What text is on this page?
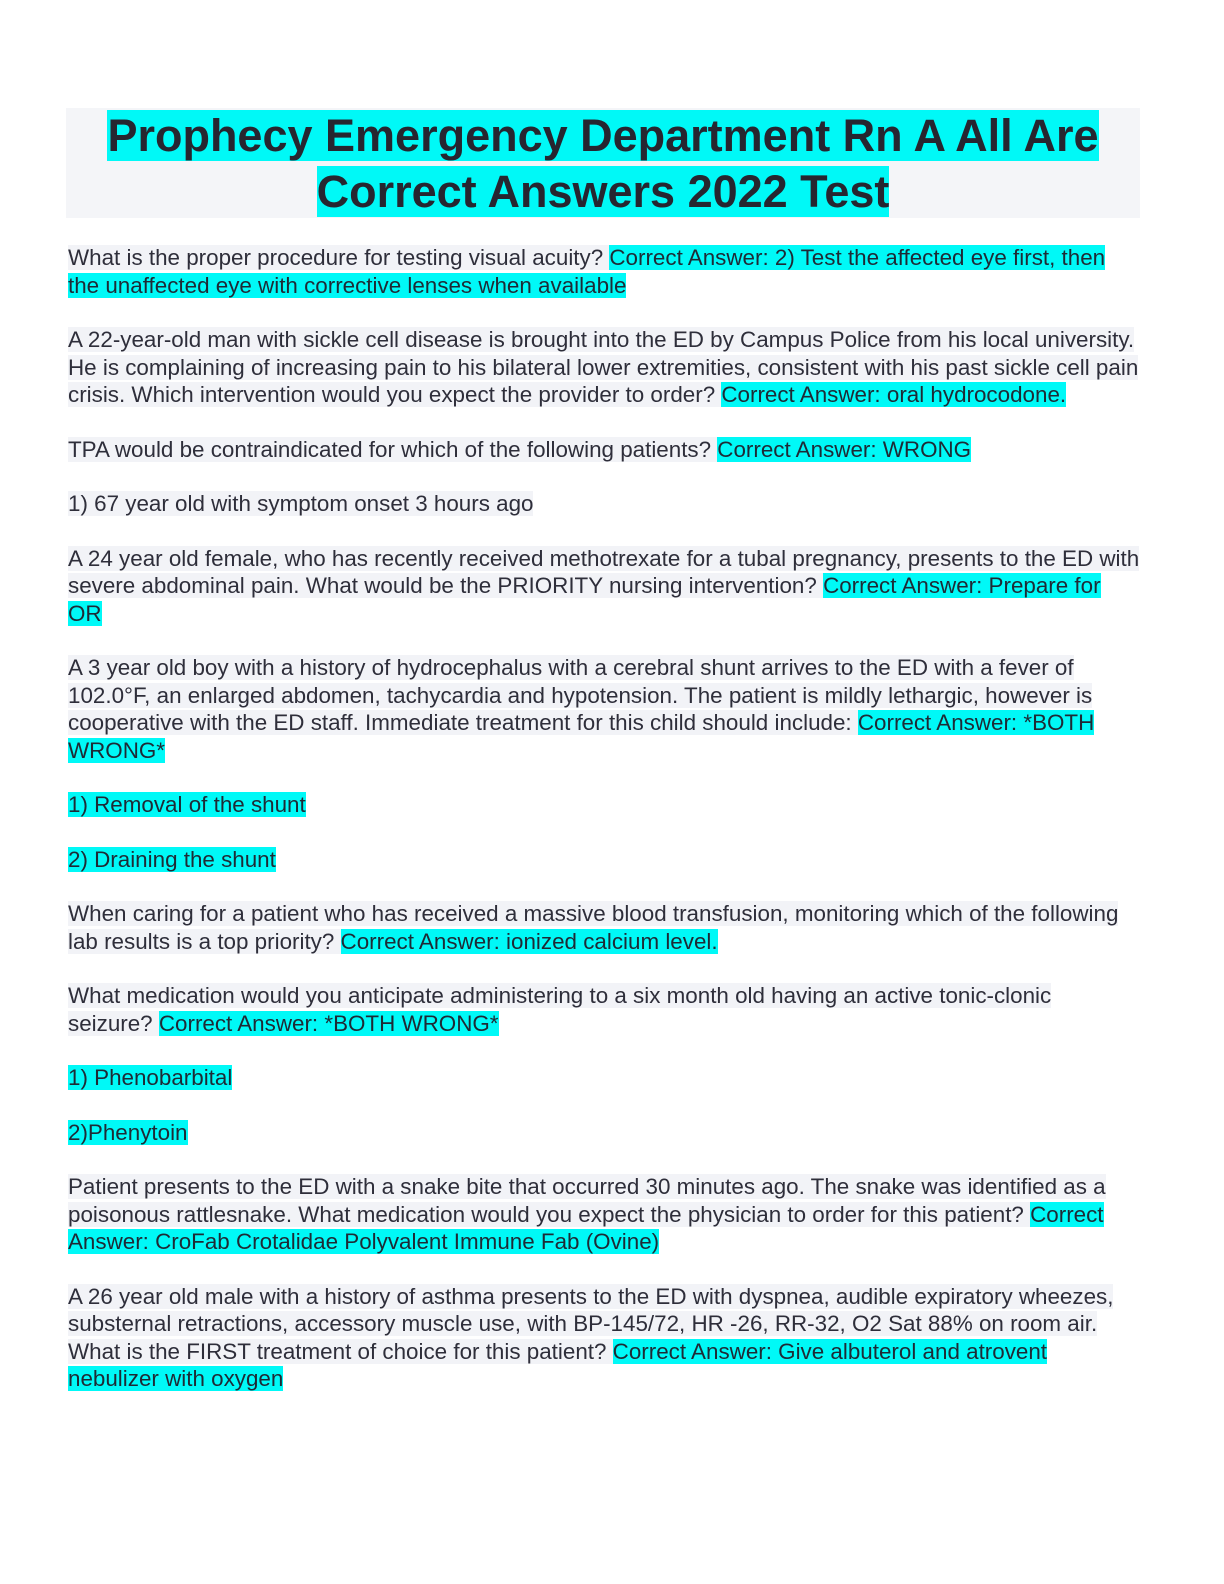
Prophecy Emergency Department Rn A All Are
Correct Answers 2022 Test

What is the proper procedure for testing visual acuity? Correct Answer: 2) Test the affected eye first, then the unaffected eye with corrective lenses when available

A 22-year-old man with sickle cell disease is brought into the ED by Campus Police from his local university. He is complaining of increasing pain to his bilateral lower extremities, consistent with his past sickle cell pain crisis. Which intervention would you expect the provider to order? Correct Answer: oral hydrocodone.

TPA would be contraindicated for which of the following patients? Correct Answer: WRONG

1) 67 year old with symptom onset 3 hours ago

A 24 year old female, who has recently received methotrexate for a tubal pregnancy, presents to the ED with severe abdominal pain. What would be the PRIORITY nursing intervention? Correct Answer: Prepare for OR

A 3 year old boy with a history of hydrocephalus with a cerebral shunt arrives to the ED with a fever of 102.0°F, an enlarged abdomen, tachycardia and hypotension. The patient is mildly lethargic, however is cooperative with the ED staff. Immediate treatment for this child should include: Correct Answer: *BOTH WRONG*

1) Removal of the shunt

2) Draining the shunt

When caring for a patient who has received a massive blood transfusion, monitoring which of the following lab results is a top priority? Correct Answer: ionized calcium level.

What medication would you anticipate administering to a six month old having an active tonic-clonic seizure? Correct Answer: *BOTH WRONG*

1) Phenobarbital

2)Phenytoin

Patient presents to the ED with a snake bite that occurred 30 minutes ago. The snake was identified as a poisonous rattlesnake. What medication would you expect the physician to order for this patient? Correct Answer: CroFab Crotalidae Polyvalent Immune Fab (Ovine)

A 26 year old male with a history of asthma presents to the ED with dyspnea, audible expiratory wheezes, substernal retractions, accessory muscle use, with BP-145/72, HR -26, RR-32, O2 Sat 88% on room air. What is the FIRST treatment of choice for this patient? Correct Answer: Give albuterol and atrovent nebulizer with oxygen
